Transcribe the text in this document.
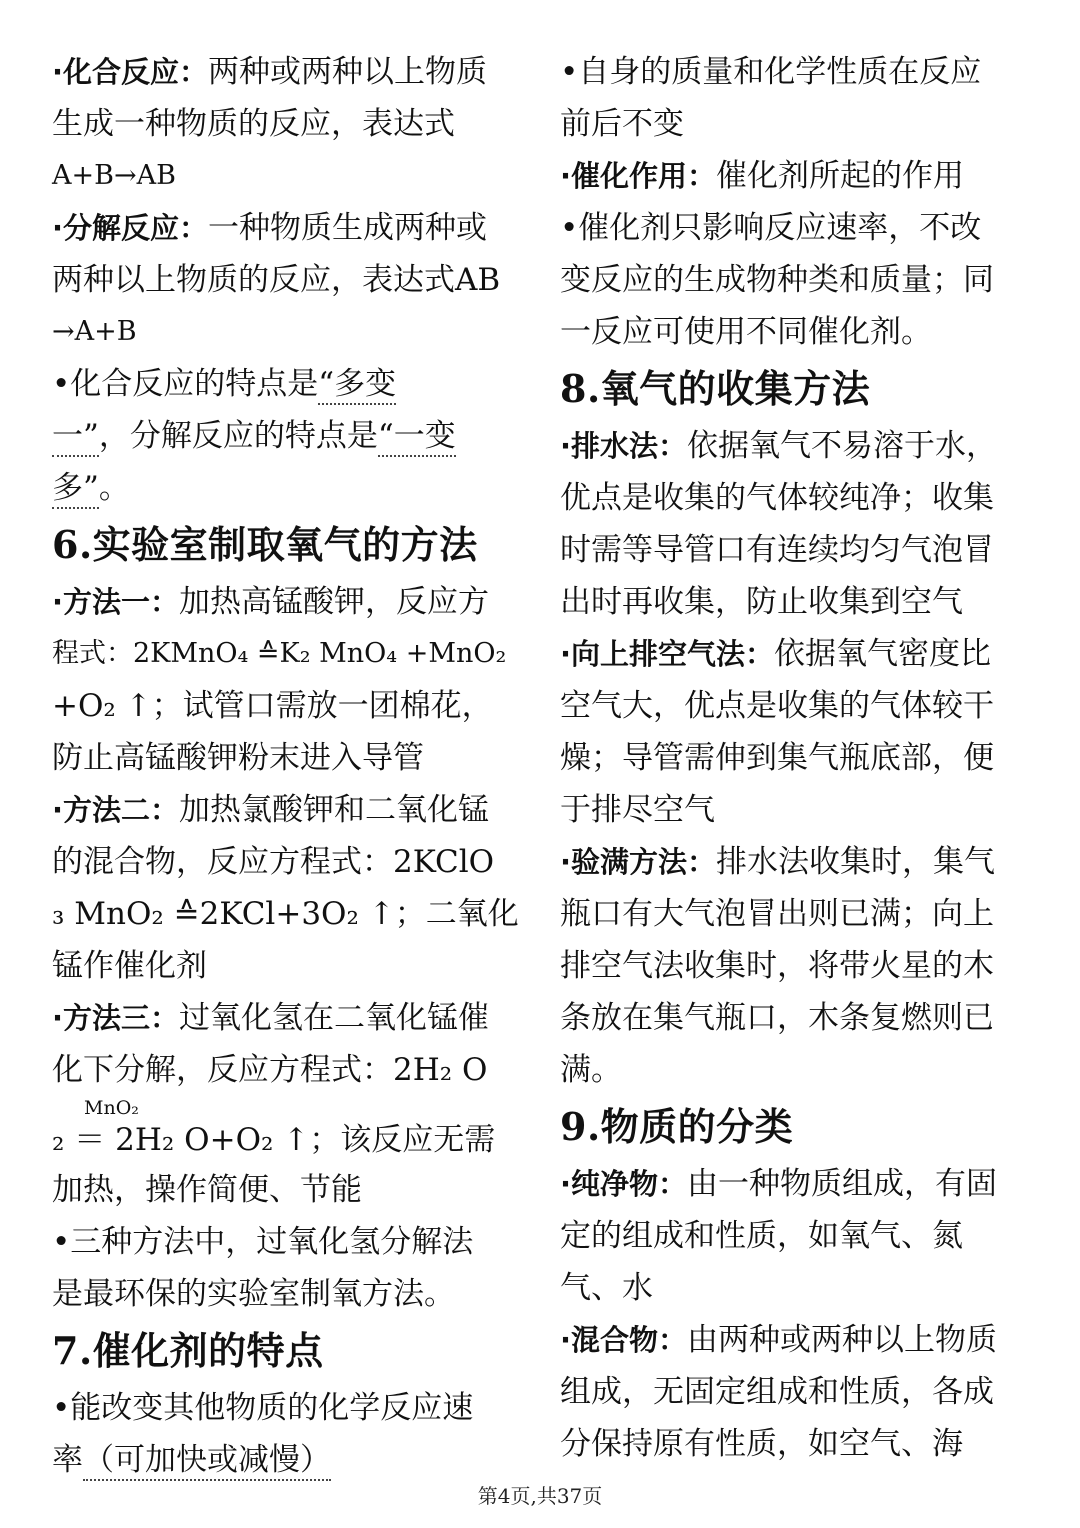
·化合反应：两种或两种以上物质
生成一种物质的反应，表达式
A+B→AB
·分解反应：一种物质生成两种或
两种以上物质的反应，表达式AB
→A+B
•化合反应的特点是“多变
一”，分解反应的特点是“一变
多”。
6.实验室制取氧气的方法
·方法一：加热高锰酸钾，反应方
程式：2KMnO₄ ≙K₂ MnO₄ +MnO₂
+O₂ ↑；试管口需放一团棉花，
防止高锰酸钾粉末进入导管
·方法二：加热氯酸钾和二氧化锰
的混合物，反应方程式：2KClO
₃ MnO₂ ≙2KCl+3O₂ ↑；二氧化
锰作催化剂
·方法三：过氧化氢在二氧化锰催
化下分解，反应方程式：2H₂ O
MnO₂
₂ ＝ 2H₂ O+O₂ ↑；该反应无需
加热，操作简便、节能
•三种方法中，过氧化氢分解法
是最环保的实验室制氧方法。
7.催化剂的特点
•能改变其他物质的化学反应速
率（可加快或减慢）
•自身的质量和化学性质在反应
前后不变
·催化作用：催化剂所起的作用
•催化剂只影响反应速率，不改
变反应的生成物种类和质量；同
一反应可使用不同催化剂。
8.氧气的收集方法
·排水法：依据氧气不易溶于水，
优点是收集的气体较纯净；收集
时需等导管口有连续均匀气泡冒
出时再收集，防止收集到空气
·向上排空气法：依据氧气密度比
空气大，优点是收集的气体较干
燥；导管需伸到集气瓶底部，便
于排尽空气
·验满方法：排水法收集时，集气
瓶口有大气泡冒出则已满；向上
排空气法收集时，将带火星的木
条放在集气瓶口，木条复燃则已
满。
9.物质的分类
·纯净物：由一种物质组成，有固
定的组成和性质，如氧气、氮
气、水
·混合物：由两种或两种以上物质
组成，无固定组成和性质，各成
分保持原有性质，如空气、海
第4页,共37页
